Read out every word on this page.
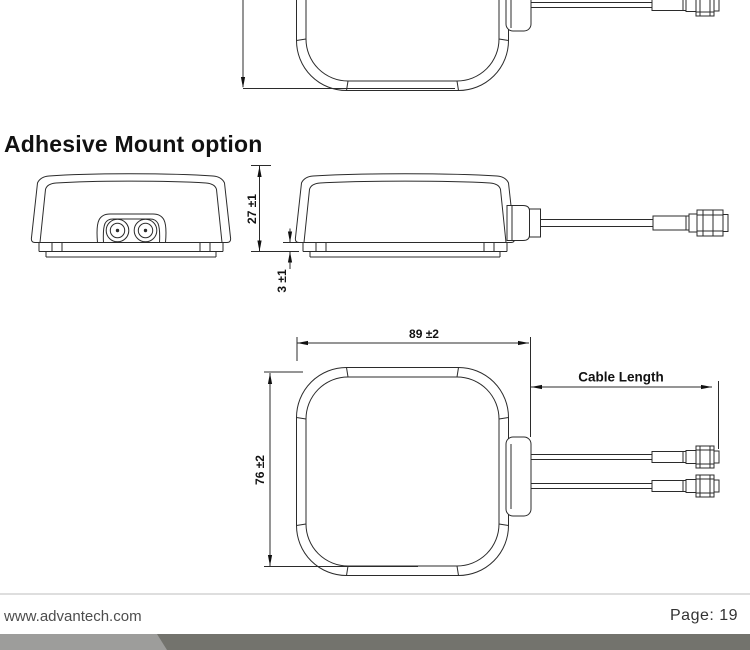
Adhesive Mount option
27 ±1
3 ±1
89 ±2
76 ±2
Cable Length
www.advantech.com	Page: 19
